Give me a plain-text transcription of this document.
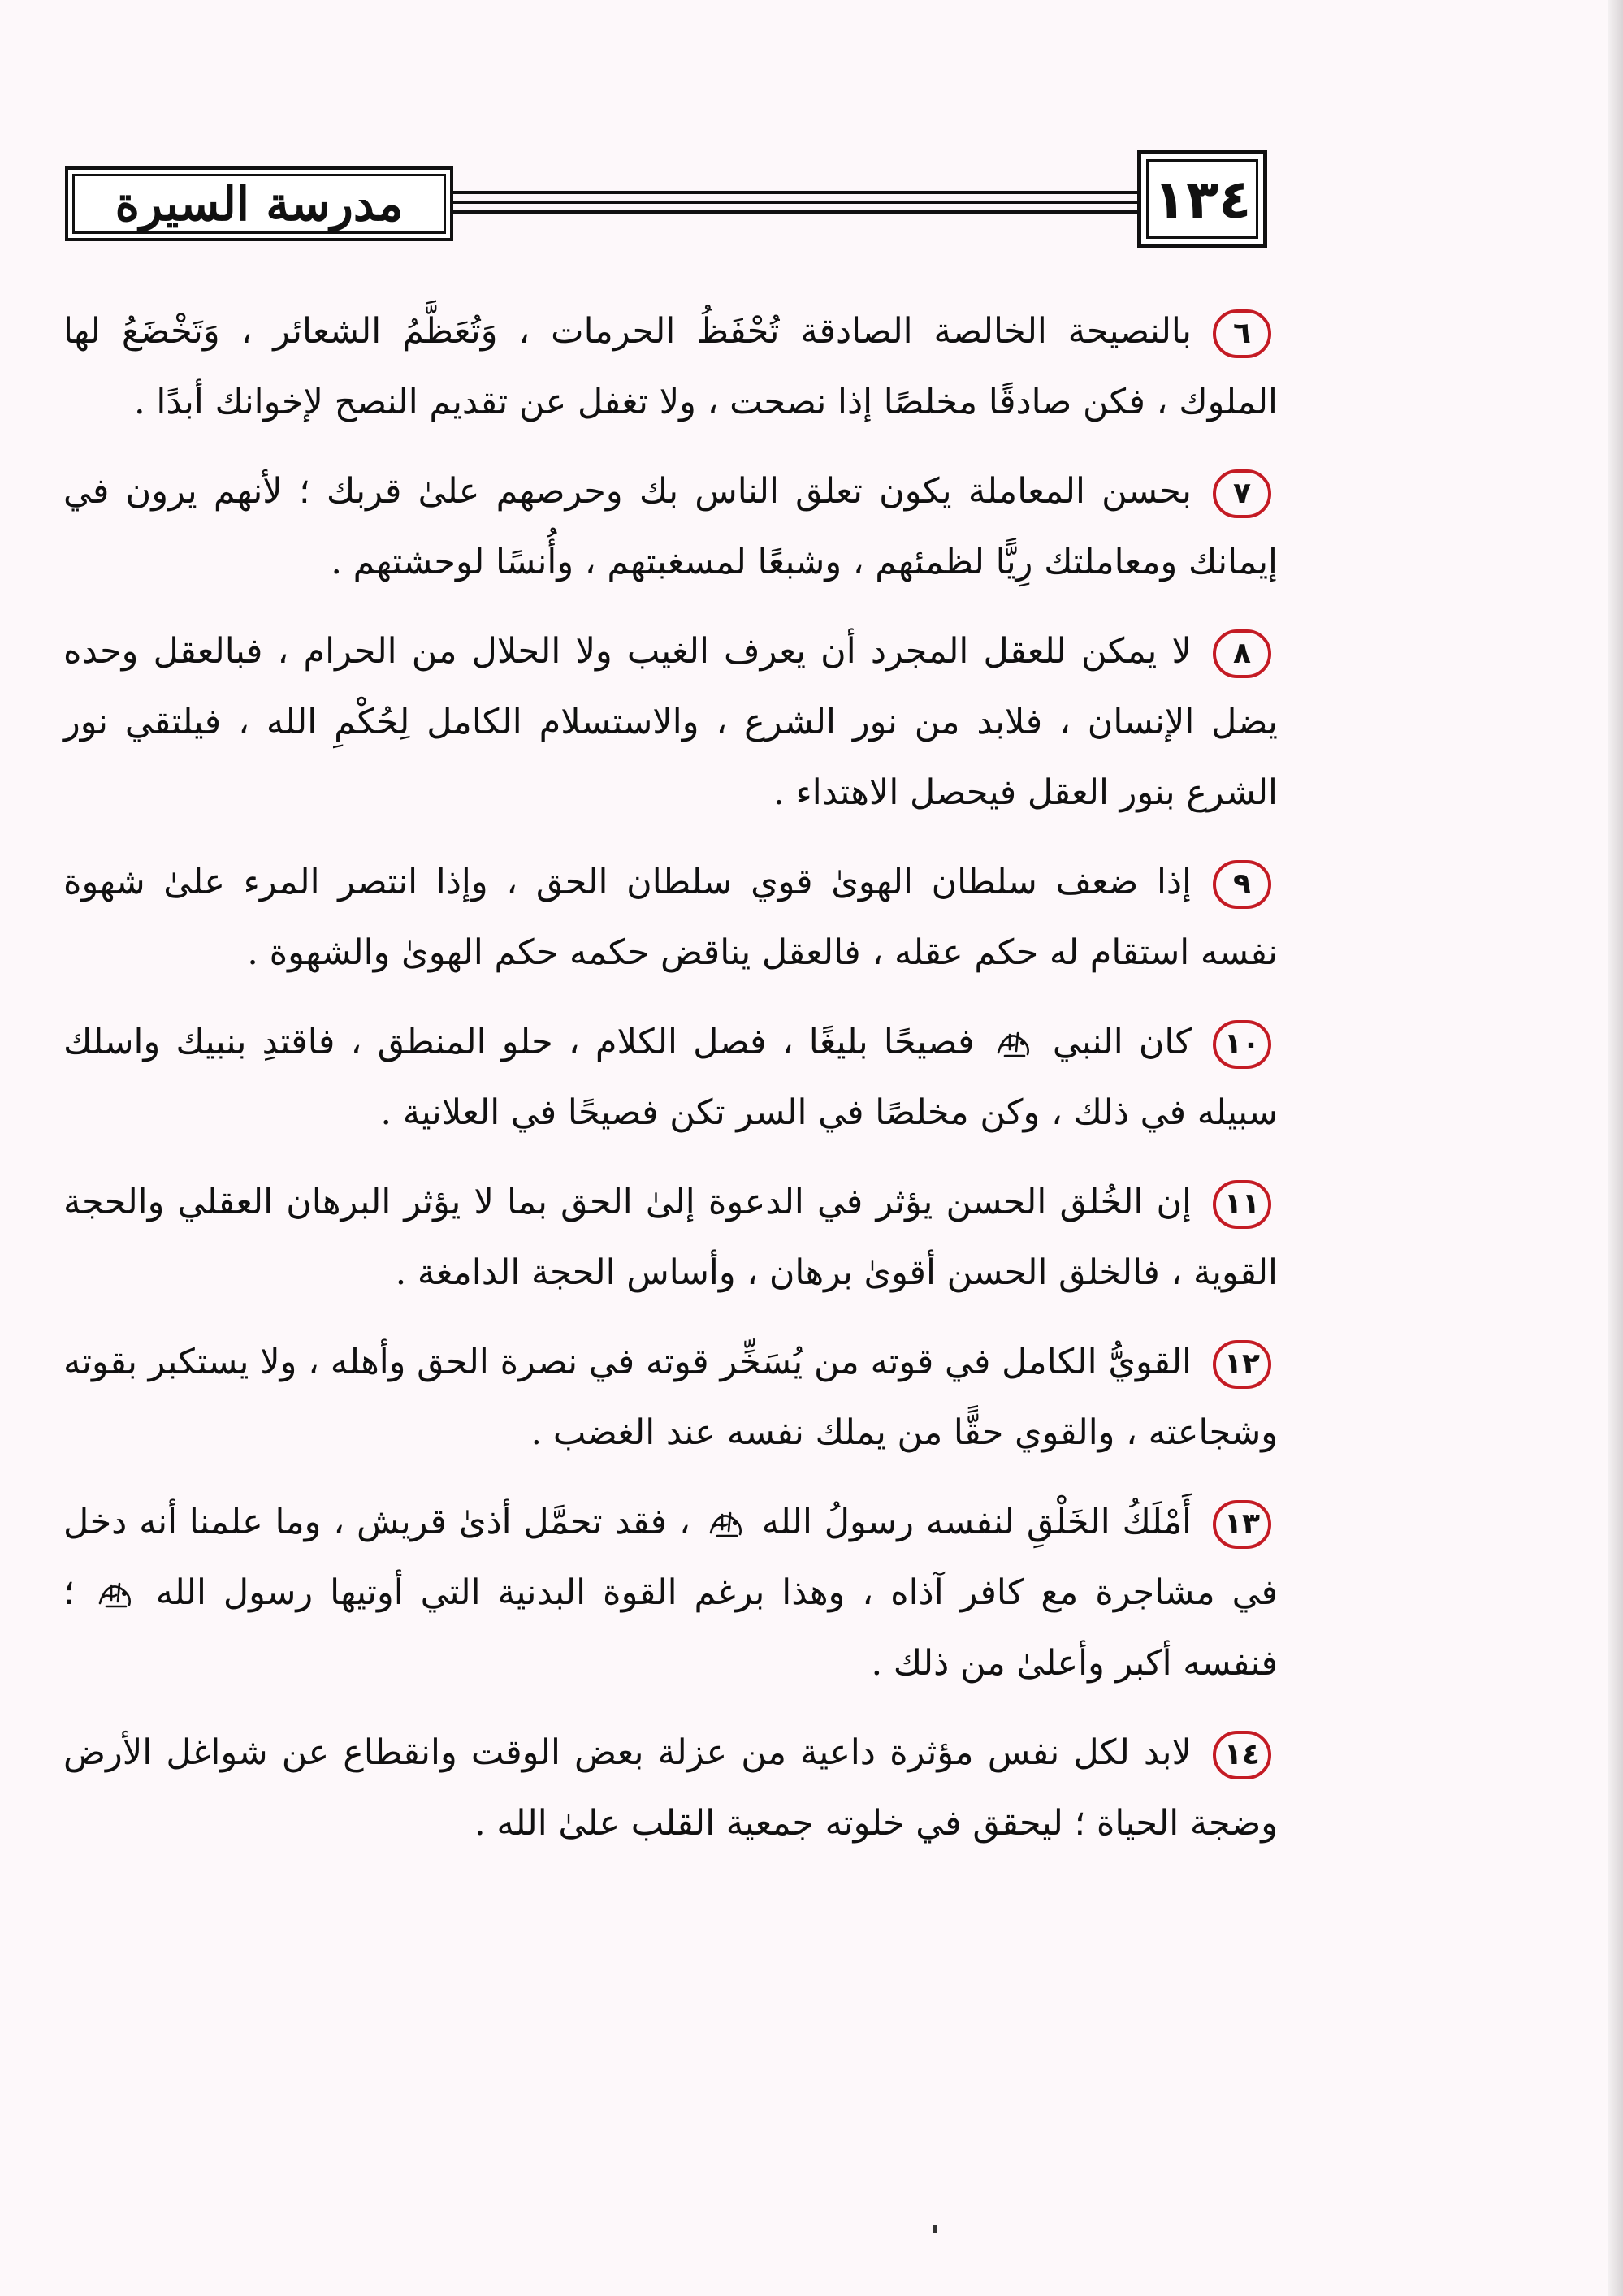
مدرسة السيرة	١٣٤

٦بالنصيحة الخالصة الصادقة تُحْفَظُ الحرمات ، وَتُعَظَّمُ الشعائر ، وَتَخْضَعُ لها الملوك ، فكن صادقًا مخلصًا إذا نصحت ، ولا تغفل عن تقديم النصح لإخوانك أبدًا .

٧بحسن المعاملة يكون تعلق الناس بك وحرصهم علىٰ قربك ؛ لأنهم يرون في إيمانك ومعاملتك رِيًّا لظمئهم ، وشبعًا لمسغبتهم ، وأُنسًا لوحشتهم .

٨لا يمكن للعقل المجرد أن يعرف الغيب ولا الحلال من الحرام ، فبالعقل وحده يضل الإنسان ، فلابد من نور الشرع ، والاستسلام الكامل لِحُكْمِ الله ، فيلتقي نور الشرع بنور العقل فيحصل الاهتداء .

٩إذا ضعف سلطان الهوىٰ قوي سلطان الحق ، وإذا انتصر المرء علىٰ شهوة نفسه استقام له حكم عقله ، فالعقل يناقض حكمه حكم الهوىٰ والشهوة .

١٠كان النبي
فصيحًا بليغًا ، فصل الكلام ، حلو المنطق ، فاقتدِ بنبيك واسلك سبيله في ذلك ، وكن مخلصًا في السر تكن فصيحًا في العلانية .

١١إن الخُلق الحسن يؤثر في الدعوة إلىٰ الحق بما لا يؤثر البرهان العقلي والحجة القوية ، فالخلق الحسن أقوىٰ برهان ، وأساس الحجة الدامغة .

١٢القويُّ الكامل في قوته من يُسَخِّر قوته في نصرة الحق وأهله ، ولا يستكبر بقوته وشجاعته ، والقوي حقًّا من يملك نفسه عند الغضب .

١٣أَمْلَكُ الخَلْقِ لنفسه رسولُ الله
، فقد تحمَّل أذىٰ قريش ، وما علمنا أنه دخل في مشاجرة مع كافر آذاه ، وهذا برغم القوة البدنية التي أوتيها رسول الله
؛ فنفسه أكبر وأعلىٰ من ذلك .

١٤لابد لكل نفس مؤثرة داعية من عزلة بعض الوقت وانقطاع عن شواغل الأرض وضجة الحياة ؛ ليحقق في خلوته جمعية القلب علىٰ الله .
